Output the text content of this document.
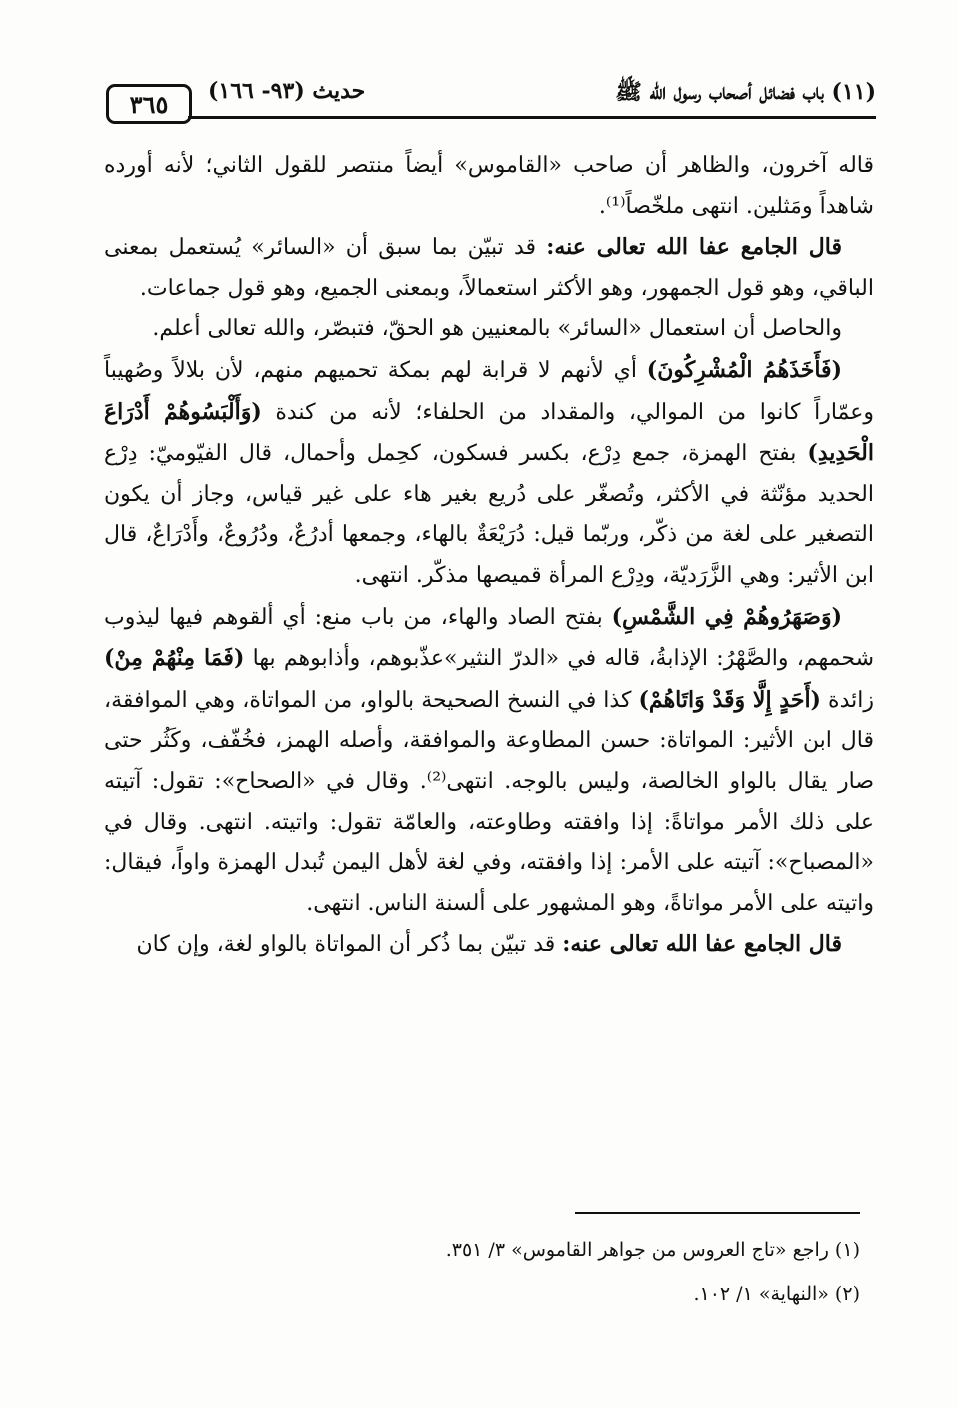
٣٦٥	حديث (٩٣- ١٦٦)	(١١) باب فضائل أصحاب رسول الله ﷺ

قاله آخرون، والظاهر أن صاحب «القاموس» أيضاً منتصر للقول الثاني؛ لأنه أورده شاهداً ومَثلين. انتهى ملخّصاً⁽¹⁾.

قال الجامع عفا الله تعالى عنه: قد تبيّن بما سبق أن «السائر» يُستعمل بمعنى الباقي، وهو قول الجمهور، وهو الأكثر استعمالاً، وبمعنى الجميع، وهو قول جماعات.

والحاصل أن استعمال «السائر» بالمعنيين هو الحقّ، فتبصّر، والله تعالى أعلم.

(فَأَخَذَهُمُ الْمُشْرِكُونَ) أي لأنهم لا قرابة لهم بمكة تحميهم منهم، لأن بلالاً وصُهيباً وعمّاراً كانوا من الموالي، والمقداد من الحلفاء؛ لأنه من كندة (وَأَلْبَسُوهُمْ أَدْرَاعَ الْحَدِيدِ) بفتح الهمزة، جمع دِرْع، بكسر فسكون، كحِمل وأحمال، قال الفيّوميّ: دِرْع الحديد مؤنّثة في الأكثر، وتُصغّر على دُريع بغير هاء على غير قياس، وجاز أن يكون التصغير على لغة من ذكّر، وربّما قيل: دُرَيْعَةٌ بالهاء، وجمعها أدرُعٌ، ودُرُوعٌ، وأَدْرَاعٌ، قال ابن الأثير: وهي الزَّرَديّة، ودِرْع المرأة قميصها مذكّر. انتهى.

(وَصَهَرُوهُمْ فِي الشَّمْسِ) بفتح الصاد والهاء، من باب منع: أي ألقوهم فيها ليذوب شحمهم، والصَّهْرُ: الإذابةُ، قاله في «الدرّ النثير»عذّبوهم، وأذابوهم بها (فَمَا مِنْهُمْ مِنْ) زائدة (أَحَدٍ إِلَّا وَقَدْ وَاتَاهُمْ) كذا في النسخ الصحيحة بالواو، من المواتاة، وهي الموافقة، قال ابن الأثير: المواتاة: حسن المطاوعة والموافقة، وأصله الهمز، فخُفّف، وكَثُر حتى صار يقال بالواو الخالصة، وليس بالوجه. انتهى⁽²⁾. وقال في «الصحاح»: تقول: آتيته على ذلك الأمر مواتاةً: إذا وافقته وطاوعته، والعامّة تقول: واتيته. انتهى. وقال في «المصباح»: آتيته على الأمر: إذا وافقته، وفي لغة لأهل اليمن تُبدل الهمزة واواً، فيقال: واتيته على الأمر مواتاةً، وهو المشهور على ألسنة الناس. انتهى.

قال الجامع عفا الله تعالى عنه: قد تبيّن بما ذُكر أن المواتاة بالواو لغة، وإن كان

(١) راجع «تاج العروس من جواهر القاموس» ٣/ ٣٥١.

(٢) «النهاية» ١/ ١٠٢.
